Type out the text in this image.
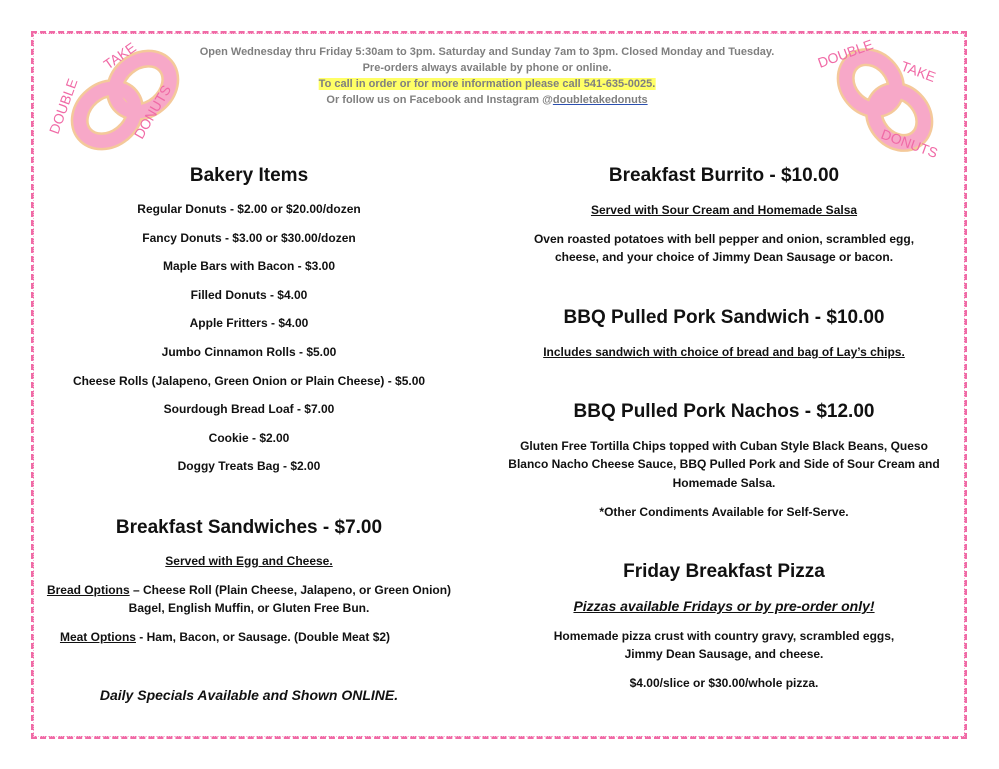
DOUBLE
TAKE
DONUTS
DOUBLE
TAKE
DONUTS
Open Wednesday thru Friday 5:30am to 3pm. Saturday and Sunday 7am to 3pm. Closed Monday and Tuesday.
Pre-orders always available by phone or online.
To call in order or for more information please call 541-635-0025.
Or follow us on Facebook and Instagram @doubletakedonuts
Bakery Items
Regular Donuts - $2.00 or $20.00/dozen
Fancy Donuts - $3.00 or $30.00/dozen
Maple Bars with Bacon - $3.00
Filled Donuts - $4.00
Apple Fritters - $4.00
Jumbo Cinnamon Rolls - $5.00
Cheese Rolls (Jalapeno, Green Onion or Plain Cheese) - $5.00
Sourdough Bread Loaf - $7.00
Cookie - $2.00
Doggy Treats Bag - $2.00
Breakfast Sandwiches - $7.00
Served with Egg and Cheese.
Bread Options – Cheese Roll (Plain Cheese, Jalapeno, or Green Onion)
Bagel, English Muffin, or Gluten Free Bun.
Meat Options - Ham, Bacon, or Sausage. (Double Meat $2)
Daily Specials Available and Shown ONLINE.
Breakfast Burrito - $10.00
Served with Sour Cream and Homemade Salsa
Oven roasted potatoes with bell pepper and onion, scrambled egg,
cheese, and your choice of Jimmy Dean Sausage or bacon.
BBQ Pulled Pork Sandwich - $10.00
Includes sandwich with choice of bread and bag of Lay’s chips.
BBQ Pulled Pork Nachos - $12.00
Gluten Free Tortilla Chips topped with Cuban Style Black Beans, Queso
Blanco Nacho Cheese Sauce, BBQ Pulled Pork and Side of Sour Cream and
Homemade Salsa.
*Other Condiments Available for Self-Serve.
Friday Breakfast Pizza
Pizzas available Fridays or by pre-order only!
Homemade pizza crust with country gravy, scrambled eggs,
Jimmy Dean Sausage, and cheese.
$4.00/slice or $30.00/whole pizza.
